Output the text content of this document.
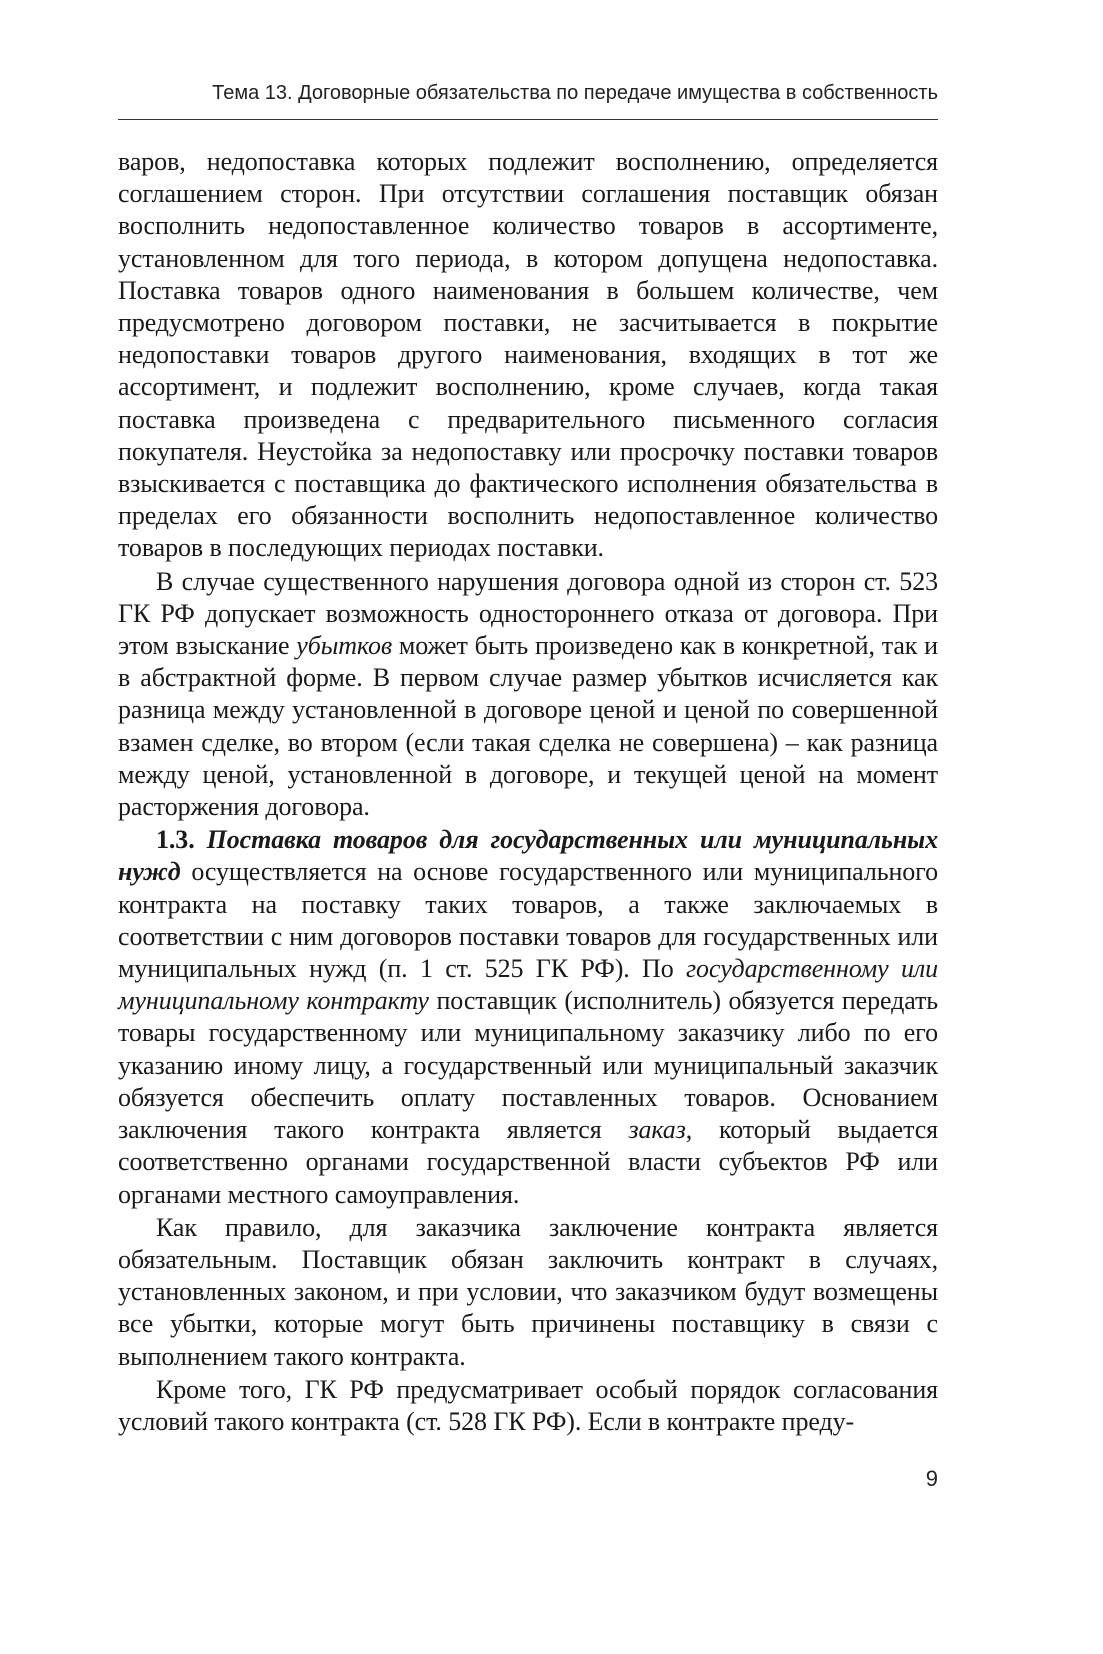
Тема 13. Договорные обязательства по передаче имущества в собственность

варов, недопоставка которых подлежит восполнению, определяется соглашением сторон. При отсутствии соглашения поставщик обязан восполнить недопоставленное количество товаров в ассортименте, установленном для того периода, в котором допущена недопоставка. Поставка товаров одного наименования в большем количестве, чем предусмотрено договором поставки, не засчитывается в покрытие недопоставки товаров другого наименования, входящих в тот же ассортимент, и подлежит восполнению, кроме случаев, когда такая поставка произведена с предварительного письменного согласия покупателя. Неустойка за недопоставку или просрочку поставки товаров взыскивается с поставщика до фактического исполнения обязательства в пределах его обязанности восполнить недопоставленное количество товаров в последующих периодах поставки.

В случае существенного нарушения договора одной из сторон ст. 523 ГК РФ допускает возможность одностороннего отказа от договора. При этом взыскание убытков может быть произведено как в конкретной, так и в абстрактной форме. В первом случае размер убытков исчисляется как разница между установленной в договоре ценой и ценой по совершенной взамен сделке, во втором (если такая сделка не совершена) – как разница между ценой, установленной в договоре, и текущей ценой на момент расторжения договора.

1.3. Поставка товаров для государственных или муниципальных нужд осуществляется на основе государственного или муниципального контракта на поставку таких товаров, а также заключаемых в соответствии с ним договоров поставки товаров для государственных или муниципальных нужд (п. 1 ст. 525 ГК РФ). По государственному или муниципальному контракту поставщик (исполнитель) обязуется передать товары государственному или муниципальному заказчику либо по его указанию иному лицу, а государственный или муниципальный заказчик обязуется обеспечить оплату поставленных товаров. Основанием заключения такого контракта является заказ, который выдается соответственно органами государственной власти субъектов РФ или органами местного самоуправления.

Как правило, для заказчика заключение контракта является обязательным. Поставщик обязан заключить контракт в случаях, установленных законом, и при условии, что заказчиком будут возмещены все убытки, которые могут быть причинены поставщику в связи с выполнением такого контракта.

Кроме того, ГК РФ предусматривает особый порядок согласования условий такого контракта (ст. 528 ГК РФ). Если в контракте преду-

9
